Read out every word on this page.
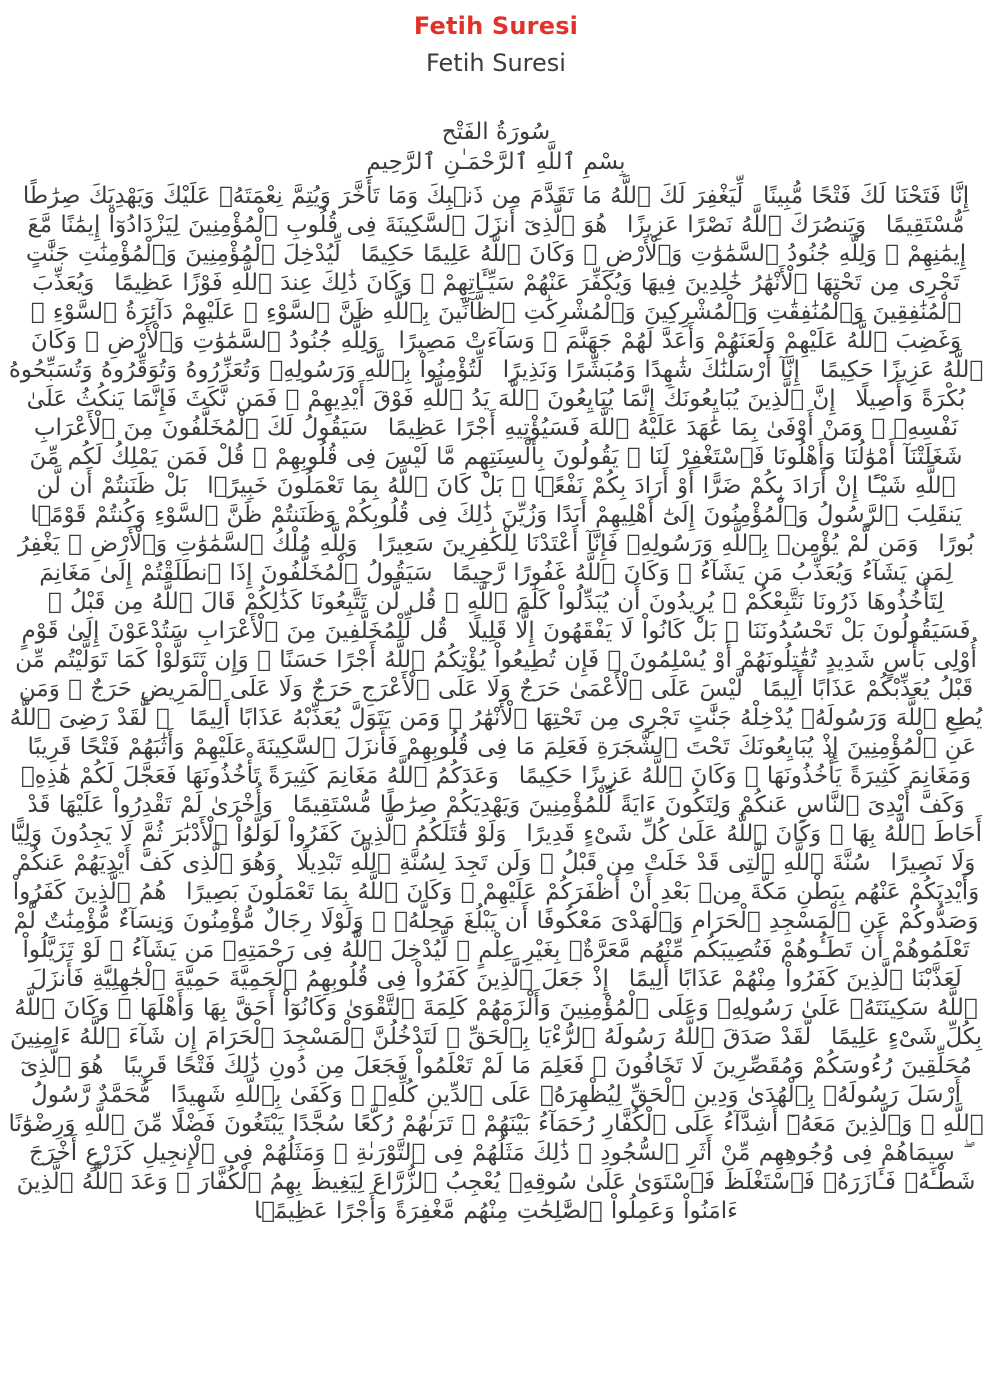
Fetih Suresi
Fetih Suresi
سُورَةُ الفَتْح
بِسْمِ ٱللَّهِ ٱلرَّحْمَـٰنِ ٱلرَّحِيمِ

إِنَّا فَتَحْنَا لَكَ فَتْحًا مُّبِينًا  لِّيَغْفِرَ لَكَ ٱللَّهُ مَا تَقَدَّمَ مِن ذَنۢبِكَ وَمَا تَأَخَّرَ وَيُتِمَّ نِعْمَتَهُۥ عَلَيْكَ وَيَهْدِيَكَ صِرَٰطًا مُّسْتَقِيمًا  وَيَنصُرَكَ ٱللَّهُ نَصْرًا عَزِيزًا  هُوَ ٱلَّذِىٓ أَنزَلَ ٱلسَّكِينَةَ فِى قُلُوبِ ٱلْمُؤْمِنِينَ لِيَزْدَادُوٓاْ إِيمَٰنًا مَّعَ إِيمَٰنِهِمْ ۗ وَلِلَّهِ جُنُودُ ٱلسَّمَٰوَٰتِ وَٱلْأَرْضِ ۚ وَكَانَ ٱللَّهُ عَلِيمًا حَكِيمًا  لِّيُدْخِلَ ٱلْمُؤْمِنِينَ وَٱلْمُؤْمِنَٰتِ جَنَّٰتٍ تَجْرِى مِن تَحْتِهَا ٱلْأَنْهَٰرُ خَٰلِدِينَ فِيهَا وَيُكَفِّرَ عَنْهُمْ سَيِّـَٔاتِهِمْ ۚ وَكَانَ ذَٰلِكَ عِندَ ٱللَّهِ فَوْزًا عَظِيمًا  وَيُعَذِّبَ ٱلْمُنَٰفِقِينَ وَٱلْمُنَٰفِقَٰتِ وَٱلْمُشْرِكِينَ وَٱلْمُشْرِكَٰتِ ٱلظَّآنِّينَ بِٱللَّهِ ظَنَّ ٱلسَّوْءِ ۚ عَلَيْهِمْ دَآئِرَةُ ٱلسَّوْءِ ۖ وَغَضِبَ ٱللَّهُ عَلَيْهِمْ وَلَعَنَهُمْ وَأَعَدَّ لَهُمْ جَهَنَّمَ ۖ وَسَآءَتْ مَصِيرًا  وَلِلَّهِ جُنُودُ ٱلسَّمَٰوَٰتِ وَٱلْأَرْضِ ۚ وَكَانَ ٱللَّهُ عَزِيزًا حَكِيمًا  إِنَّآ أَرْسَلْنَٰكَ شَٰهِدًا وَمُبَشِّرًا وَنَذِيرًا  لِّتُؤْمِنُواْ بِٱللَّهِ وَرَسُولِهِۦ وَتُعَزِّرُوهُ وَتُوَقِّرُوهُ وَتُسَبِّحُوهُ بُكْرَةً وَأَصِيلًا  إِنَّ ٱلَّذِينَ يُبَايِعُونَكَ إِنَّمَا يُبَايِعُونَ ٱللَّهَ يَدُ ٱللَّهِ فَوْقَ أَيْدِيهِمْ ۚ فَمَن نَّكَثَ فَإِنَّمَا يَنكُثُ عَلَىٰ نَفْسِهِۦ ۖ وَمَنْ أَوْفَىٰ بِمَا عَٰهَدَ عَلَيْهُ ٱللَّهَ فَسَيُؤْتِيهِ أَجْرًا عَظِيمًا  سَيَقُولُ لَكَ ٱلْمُخَلَّفُونَ مِنَ ٱلْأَعْرَابِ شَغَلَتْنَآ أَمْوَٰلُنَا وَأَهْلُونَا فَٱسْتَغْفِرْ لَنَا ۚ يَقُولُونَ بِأَلْسِنَتِهِم مَّا لَيْسَ فِى قُلُوبِهِمْ ۚ قُلْ فَمَن يَمْلِكُ لَكُم مِّنَ ٱللَّهِ شَيْـًٔا إِنْ أَرَادَ بِكُمْ ضَرًّا أَوْ أَرَادَ بِكُمْ نَفْعًۢا ۚ بَلْ كَانَ ٱللَّهُ بِمَا تَعْمَلُونَ خَبِيرًۢا  بَلْ ظَنَنتُمْ أَن لَّن يَنقَلِبَ ٱلرَّسُولُ وَٱلْمُؤْمِنُونَ إِلَىٰٓ أَهْلِيهِمْ أَبَدًا وَزُيِّنَ ذَٰلِكَ فِى قُلُوبِكُمْ وَظَنَنتُمْ ظَنَّ ٱلسَّوْءِ وَكُنتُمْ قَوْمًۢا بُورًا  وَمَن لَّمْ يُؤْمِنۢ بِٱللَّهِ وَرَسُولِهِۦ فَإِنَّآ أَعْتَدْنَا لِلْكَٰفِرِينَ سَعِيرًا  وَلِلَّهِ مُلْكُ ٱلسَّمَٰوَٰتِ وَٱلْأَرْضِ ۚ يَغْفِرُ لِمَن يَشَآءُ وَيُعَذِّبُ مَن يَشَآءُ ۚ وَكَانَ ٱللَّهُ غَفُورًا رَّحِيمًا  سَيَقُولُ ٱلْمُخَلَّفُونَ إِذَا ٱنطَلَقْتُمْ إِلَىٰ مَغَانِمَ لِتَأْخُذُوهَا ذَرُونَا نَتَّبِعْكُمْ ۖ يُرِيدُونَ أَن يُبَدِّلُواْ كَلَٰمَ ٱللَّهِ ۚ قُل لَّن تَتَّبِعُونَا كَذَٰلِكُمْ قَالَ ٱللَّهُ مِن قَبْلُ ۖ فَسَيَقُولُونَ بَلْ تَحْسُدُونَنَا ۚ بَلْ كَانُواْ لَا يَفْقَهُونَ إِلَّا قَلِيلًا  قُل لِّلْمُخَلَّفِينَ مِنَ ٱلْأَعْرَابِ سَتُدْعَوْنَ إِلَىٰ قَوْمٍ أُوْلِى بَأْسٍ شَدِيدٍ تُقَٰتِلُونَهُمْ أَوْ يُسْلِمُونَ ۖ فَإِن تُطِيعُواْ يُؤْتِكُمُ ٱللَّهُ أَجْرًا حَسَنًا ۖ وَإِن تَتَوَلَّوْاْ كَمَا تَوَلَّيْتُم مِّن قَبْلُ يُعَذِّبْكُمْ عَذَابًا أَلِيمًا  لَّيْسَ عَلَى ٱلْأَعْمَىٰ حَرَجٌ وَلَا عَلَى ٱلْأَعْرَجِ حَرَجٌ وَلَا عَلَى ٱلْمَرِيضِ حَرَجٌ ۗ وَمَن يُطِعِ ٱللَّهَ وَرَسُولَهُۥ يُدْخِلْهُ جَنَّٰتٍ تَجْرِى مِن تَحْتِهَا ٱلْأَنْهَٰرُ ۖ وَمَن يَتَوَلَّ يُعَذِّبْهُ عَذَابًا أَلِيمًا  ۞ لَّقَدْ رَضِىَ ٱللَّهُ عَنِ ٱلْمُؤْمِنِينَ إِذْ يُبَايِعُونَكَ تَحْتَ ٱلشَّجَرَةِ فَعَلِمَ مَا فِى قُلُوبِهِمْ فَأَنزَلَ ٱلسَّكِينَةَ عَلَيْهِمْ وَأَثَٰبَهُمْ فَتْحًا قَرِيبًا  وَمَغَانِمَ كَثِيرَةً يَأْخُذُونَهَا ۗ وَكَانَ ٱللَّهُ عَزِيزًا حَكِيمًا  وَعَدَكُمُ ٱللَّهُ مَغَانِمَ كَثِيرَةً تَأْخُذُونَهَا فَعَجَّلَ لَكُمْ هَٰذِهِۦ وَكَفَّ أَيْدِىَ ٱلنَّاسِ عَنكُمْ وَلِتَكُونَ ءَايَةً لِّلْمُؤْمِنِينَ وَيَهْدِيَكُمْ صِرَٰطًا مُّسْتَقِيمًا  وَأُخْرَىٰ لَمْ تَقْدِرُواْ عَلَيْهَا قَدْ أَحَاطَ ٱللَّهُ بِهَا ۚ وَكَانَ ٱللَّهُ عَلَىٰ كُلِّ شَىْءٍ قَدِيرًا  وَلَوْ قَٰتَلَكُمُ ٱلَّذِينَ كَفَرُواْ لَوَلَّوُاْ ٱلْأَدْبَٰرَ ثُمَّ لَا يَجِدُونَ وَلِيًّا وَلَا نَصِيرًا  سُنَّةَ ٱللَّهِ ٱلَّتِى قَدْ خَلَتْ مِن قَبْلُ ۖ وَلَن تَجِدَ لِسُنَّةِ ٱللَّهِ تَبْدِيلًا  وَهُوَ ٱلَّذِى كَفَّ أَيْدِيَهُمْ عَنكُمْ وَأَيْدِيَكُمْ عَنْهُم بِبَطْنِ مَكَّةَ مِنۢ بَعْدِ أَنْ أَظْفَرَكُمْ عَلَيْهِمْ ۚ وَكَانَ ٱللَّهُ بِمَا تَعْمَلُونَ بَصِيرًا  هُمُ ٱلَّذِينَ كَفَرُواْ وَصَدُّوكُمْ عَنِ ٱلْمَسْجِدِ ٱلْحَرَامِ وَٱلْهَدْىَ مَعْكُوفًا أَن يَبْلُغَ مَحِلَّهُۥ ۚ وَلَوْلَا رِجَالٌ مُّؤْمِنُونَ وَنِسَآءٌ مُّؤْمِنَٰتٌ لَّمْ تَعْلَمُوهُمْ أَن تَطَـُٔوهُمْ فَتُصِيبَكُم مِّنْهُم مَّعَرَّةٌۢ بِغَيْرِ عِلْمٍ ۖ لِّيُدْخِلَ ٱللَّهُ فِى رَحْمَتِهِۦ مَن يَشَآءُ ۚ لَوْ تَزَيَّلُواْ لَعَذَّبْنَا ٱلَّذِينَ كَفَرُواْ مِنْهُمْ عَذَابًا أَلِيمًا  إِذْ جَعَلَ ٱلَّذِينَ كَفَرُواْ فِى قُلُوبِهِمُ ٱلْحَمِيَّةَ حَمِيَّةَ ٱلْجَٰهِلِيَّةِ فَأَنزَلَ ٱللَّهُ سَكِينَتَهُۥ عَلَىٰ رَسُولِهِۦ وَعَلَى ٱلْمُؤْمِنِينَ وَأَلْزَمَهُمْ كَلِمَةَ ٱلتَّقْوَىٰ وَكَانُوٓاْ أَحَقَّ بِهَا وَأَهْلَهَا ۚ وَكَانَ ٱللَّهُ بِكُلِّ شَىْءٍ عَلِيمًا  لَّقَدْ صَدَقَ ٱللَّهُ رَسُولَهُ ٱلرُّءْيَا بِٱلْحَقِّ ۖ لَتَدْخُلُنَّ ٱلْمَسْجِدَ ٱلْحَرَامَ إِن شَآءَ ٱللَّهُ ءَامِنِينَ مُحَلِّقِينَ رُءُوسَكُمْ وَمُقَصِّرِينَ لَا تَخَافُونَ ۖ فَعَلِمَ مَا لَمْ تَعْلَمُواْ فَجَعَلَ مِن دُونِ ذَٰلِكَ فَتْحًا قَرِيبًا  هُوَ ٱلَّذِىٓ أَرْسَلَ رَسُولَهُۥ بِٱلْهُدَىٰ وَدِينِ ٱلْحَقِّ لِيُظْهِرَهُۥ عَلَى ٱلدِّينِ كُلِّهِۦ ۚ وَكَفَىٰ بِٱللَّهِ شَهِيدًا  مُّحَمَّدٌ رَّسُولُ ٱللَّهِ ۚ وَٱلَّذِينَ مَعَهُۥٓ أَشِدَّآءُ عَلَى ٱلْكُفَّارِ رُحَمَآءُ بَيْنَهُمْ ۖ تَرَىٰهُمْ رُكَّعًا سُجَّدًا يَبْتَغُونَ فَضْلًا مِّنَ ٱللَّهِ وَرِضْوَٰنًا ۖ سِيمَاهُمْ فِى وُجُوهِهِم مِّنْ أَثَرِ ٱلسُّجُودِ ۚ ذَٰلِكَ مَثَلُهُمْ فِى ٱلتَّوْرَىٰةِ ۚ وَمَثَلُهُمْ فِى ٱلْإِنجِيلِ كَزَرْعٍ أَخْرَجَ شَطْـَٔهُۥ فَـَٔازَرَهُۥ فَٱسْتَغْلَظَ فَٱسْتَوَىٰ عَلَىٰ سُوقِهِۦ يُعْجِبُ ٱلزُّرَّاعَ لِيَغِيظَ بِهِمُ ٱلْكُفَّارَ ۗ وَعَدَ ٱللَّهُ ٱلَّذِينَ ءَامَنُواْ وَعَمِلُواْ ٱلصَّٰلِحَٰتِ مِنْهُم مَّغْفِرَةً وَأَجْرًا عَظِيمًۢا
